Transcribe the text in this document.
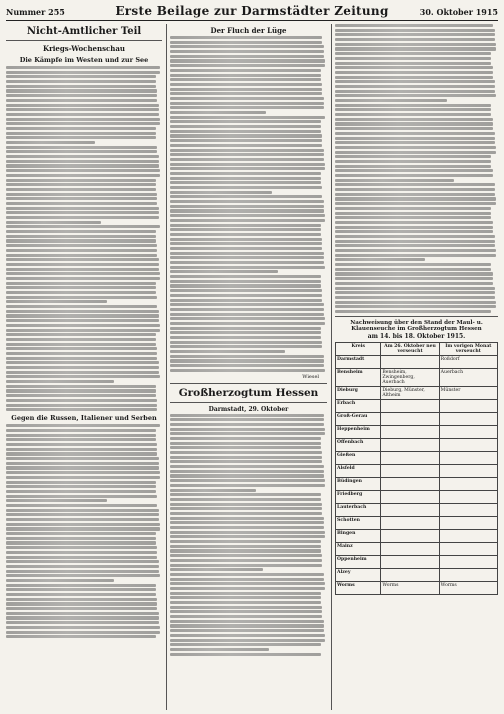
Nummer 255	Erste Beilage zur Darmstädter Zeitung	30. Oktober 1915
Nicht-Amtlicher Teil
Kriegs-Wochenschau
Die Kämpfe im Westen und zur See
Gegen die Russen, Italiener und Serben
Der Fluch der Lüge
Wiesel
Großherzogtum Hessen
Darmstadt, 29. Oktober
Nachweisung über den Stand der Maul- u. Klauenseuche im Großherzogtum Hessen
am 14. bis 18. Oktober 1915.
Kreis	Am 26. Oktober neu verseucht	Im vorigen Monat verseucht
Darmstadt		Roßdorf
Bensheim	Bensheim, Zwingenberg, Auerbach	Auerbach
Dieburg	Dieburg, Münster, Altheim	Münster
Erbach		
Groß-Gerau		
Heppenheim		
Offenbach		
Gießen		
Alsfeld		
Büdingen		
Friedberg		
Lauterbach		
Schotten		
Bingen		
Mainz		
Oppenheim		
Alzey		
Worms	Worms	Worms
